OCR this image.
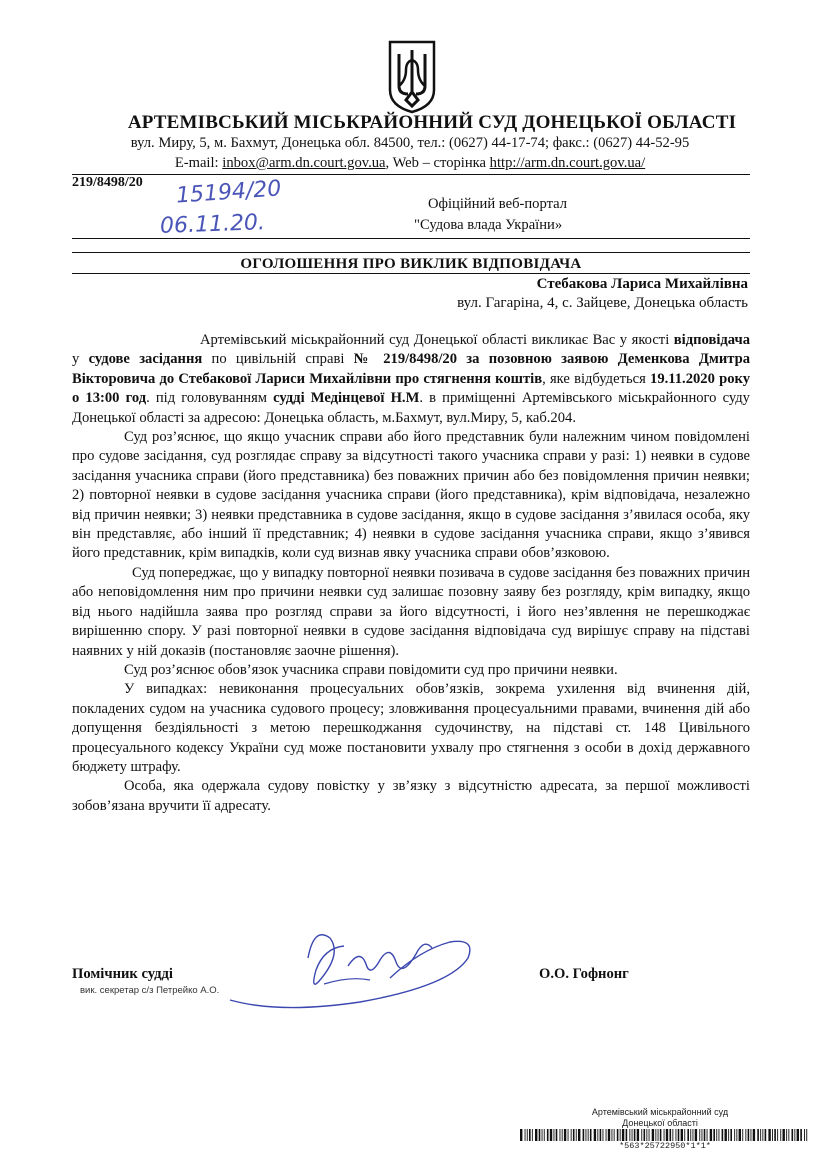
АРТЕМІВСЬКИЙ МІСЬКРАЙОННИЙ СУД ДОНЕЦЬКОЇ ОБЛАСТІ
вул. Миру, 5, м. Бахмут, Донецька обл. 84500, тел.: (0627) 44-17-74; факс.: (0627) 44-52-95
E-mail: inbox@arm.dn.court.gov.ua, Web – сторінка http://arm.dn.court.gov.ua/
219/8498/20 15194/20
06.11.20.
Офіційний веб-портал
"Судова влада України»
ОГОЛОШЕННЯ ПРО ВИКЛИК ВІДПОВІДАЧА
Стебакова Лариса Михайлівна
вул. Гагаріна, 4, с. Зайцеве, Донецька область

Артемівський міськрайонний суд Донецької області викликає Вас у якості відповідача у судове засідання по цивільній справі № 219/8498/20 за позовною заявою Деменкова Дмитра Вікторовича до Стебакової Лариси Михайлівни про стягнення коштів, яке відбудеться 19.11.2020 року о 13:00 год. під головуванням судді Медінцевої Н.М. в приміщенні Артемівського міськрайонного суду Донецької області за адресою: Донецька область, м.Бахмут, вул.Миру, 5, каб.204.

Суд роз’яснює, що якщо учасник справи або його представник були належним чином повідомлені про судове засідання, суд розглядає справу за відсутності такого учасника справи у разі: 1) неявки в судове засідання учасника справи (його представника) без поважних причин або без повідомлення причин неявки; 2) повторної неявки в судове засідання учасника справи (його представника), крім відповідача, незалежно від причин неявки; 3) неявки представника в судове засідання, якщо в судове засідання з’явилася особа, яку він представляє, або інший її представник; 4) неявки в судове засідання учасника справи, якщо з’явився його представник, крім випадків, коли суд визнав явку учасника справи обов’язковою.

Суд попереджає, що у випадку повторної неявки позивача в судове засідання без поважних причин або неповідомлення ним про причини неявки суд залишає позовну заяву без розгляду, крім випадку, якщо від нього надійшла заява про розгляд справи за його відсутності, і його нез’явлення не перешкоджає вирішенню спору. У разі повторної неявки в судове засідання відповідача суд вирішує справу на підставі наявних у ній доказів (постановляє заочне рішення).

Суд роз’яснює обов’язок учасника справи повідомити суд про причини неявки.

У випадках: невиконання процесуальних обов’язків, зокрема ухилення від вчинення дій, покладених судом на учасника судового процесу; зловживання процесуальними правами, вчинення дій або допущення бездіяльності з метою перешкоджання судочинству, на підставі ст. 148 Цивільного процесуального кодексу України суд може постановити ухвалу про стягнення з особи в дохід державного бюджету штрафу.

Особа, яка одержала судову повістку у зв’язку з відсутністю адресата, за першої можливості зобов’язана вручити її адресату.

Помічник судді
вик. секретар с/з Петрейко А.О.
О.О. Гофнонг
Артемівський міськрайонний суд
Донецької області
*563*25722950*1*1*
